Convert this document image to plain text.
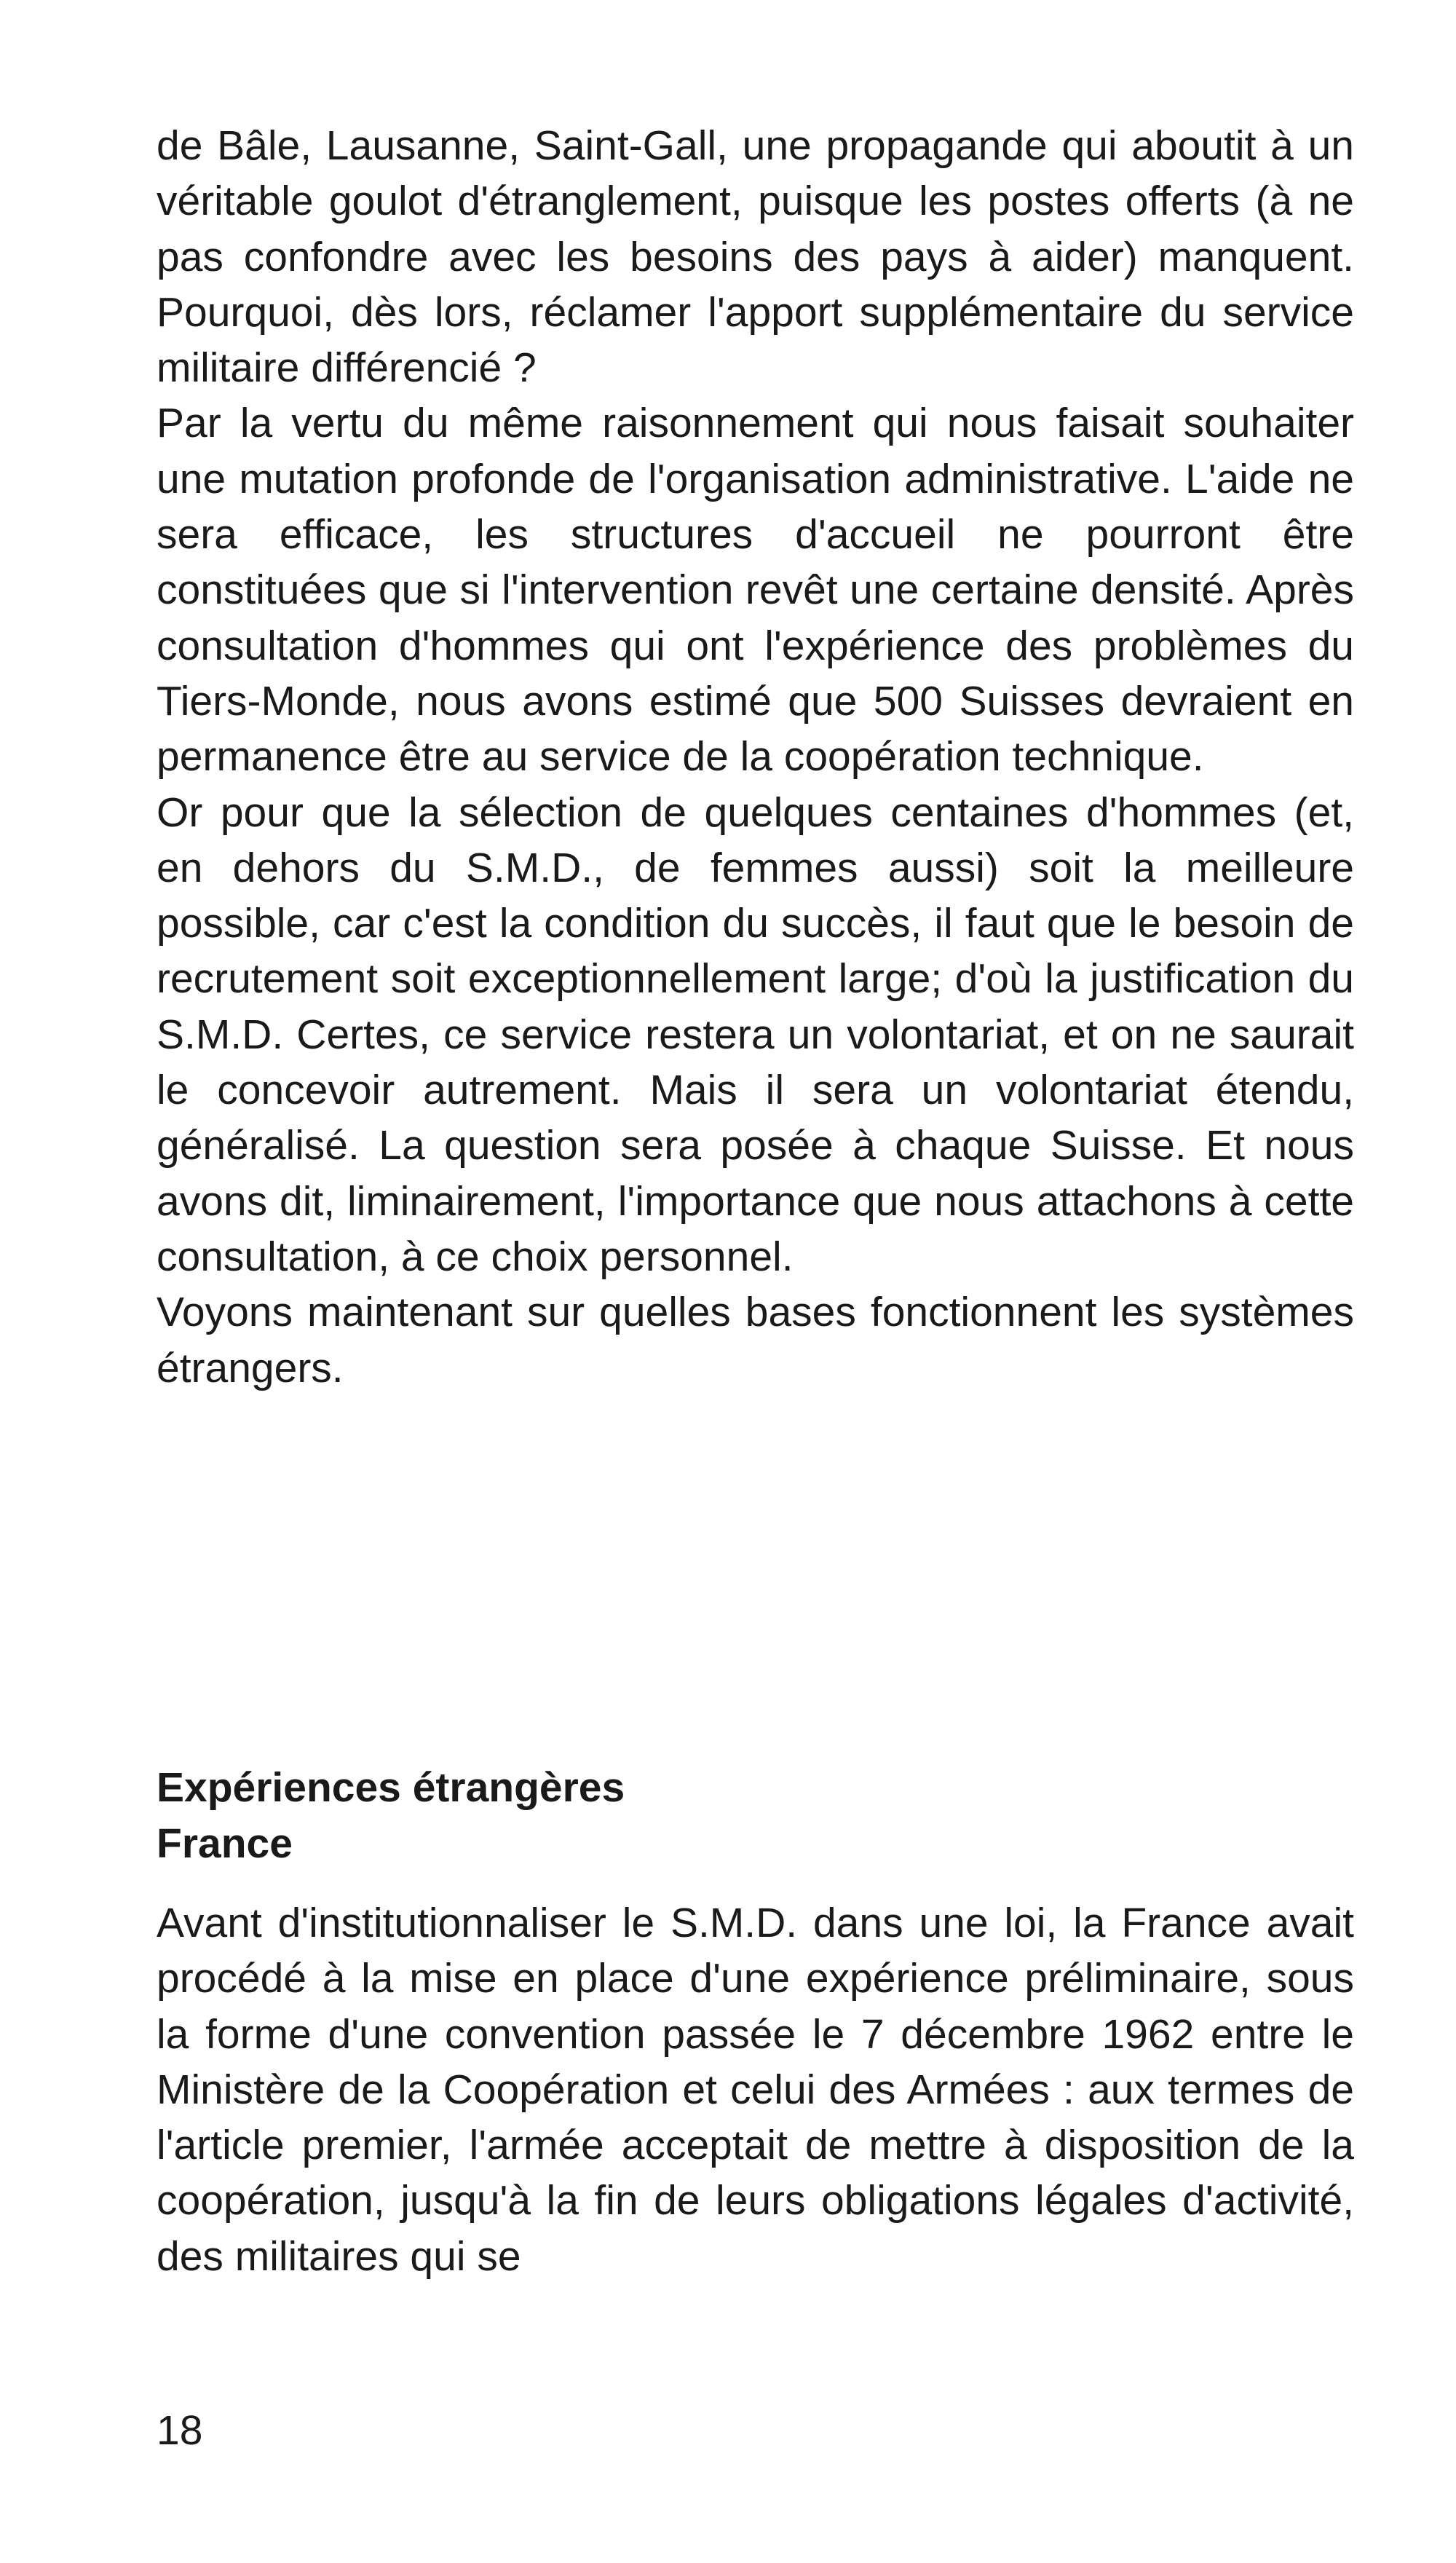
de Bâle, Lausanne, Saint-Gall, une propagande qui aboutit à un véritable goulot d'étranglement, puisque les postes offerts (à ne pas confondre avec les besoins des pays à aider) manquent. Pourquoi, dès lors, réclamer l'apport supplémentaire du service militaire différencié ?

Par la vertu du même raisonnement qui nous faisait souhaiter une mutation profonde de l'organisation administrative. L'aide ne sera efficace, les structures d'accueil ne pourront être constituées que si l'intervention revêt une certaine densité. Après consultation d'hommes qui ont l'expérience des problèmes du Tiers-Monde, nous avons estimé que 500 Suisses devraient en permanence être au service de la coopération technique.

Or pour que la sélection de quelques centaines d'hommes (et, en dehors du S.M.D., de femmes aussi) soit la meilleure possible, car c'est la condition du succès, il faut que le besoin de recrutement soit exceptionnellement large; d'où la justification du S.M.D. Certes, ce service restera un volontariat, et on ne saurait le concevoir autrement. Mais il sera un volontariat étendu, généralisé. La question sera posée à chaque Suisse. Et nous avons dit, liminairement, l'importance que nous attachons à cette consultation, à ce choix personnel.

Voyons maintenant sur quelles bases fonctionnent les systèmes étrangers.

Expériences étrangères
France

Avant d'institutionnaliser le S.M.D. dans une loi, la France avait procédé à la mise en place d'une expérience préliminaire, sous la forme d'une convention passée le 7 décembre 1962 entre le Ministère de la Coopération et celui des Armées : aux termes de l'article premier, l'armée acceptait de mettre à disposition de la coopération, jusqu'à la fin de leurs obligations légales d'activité, des militaires qui se

18
